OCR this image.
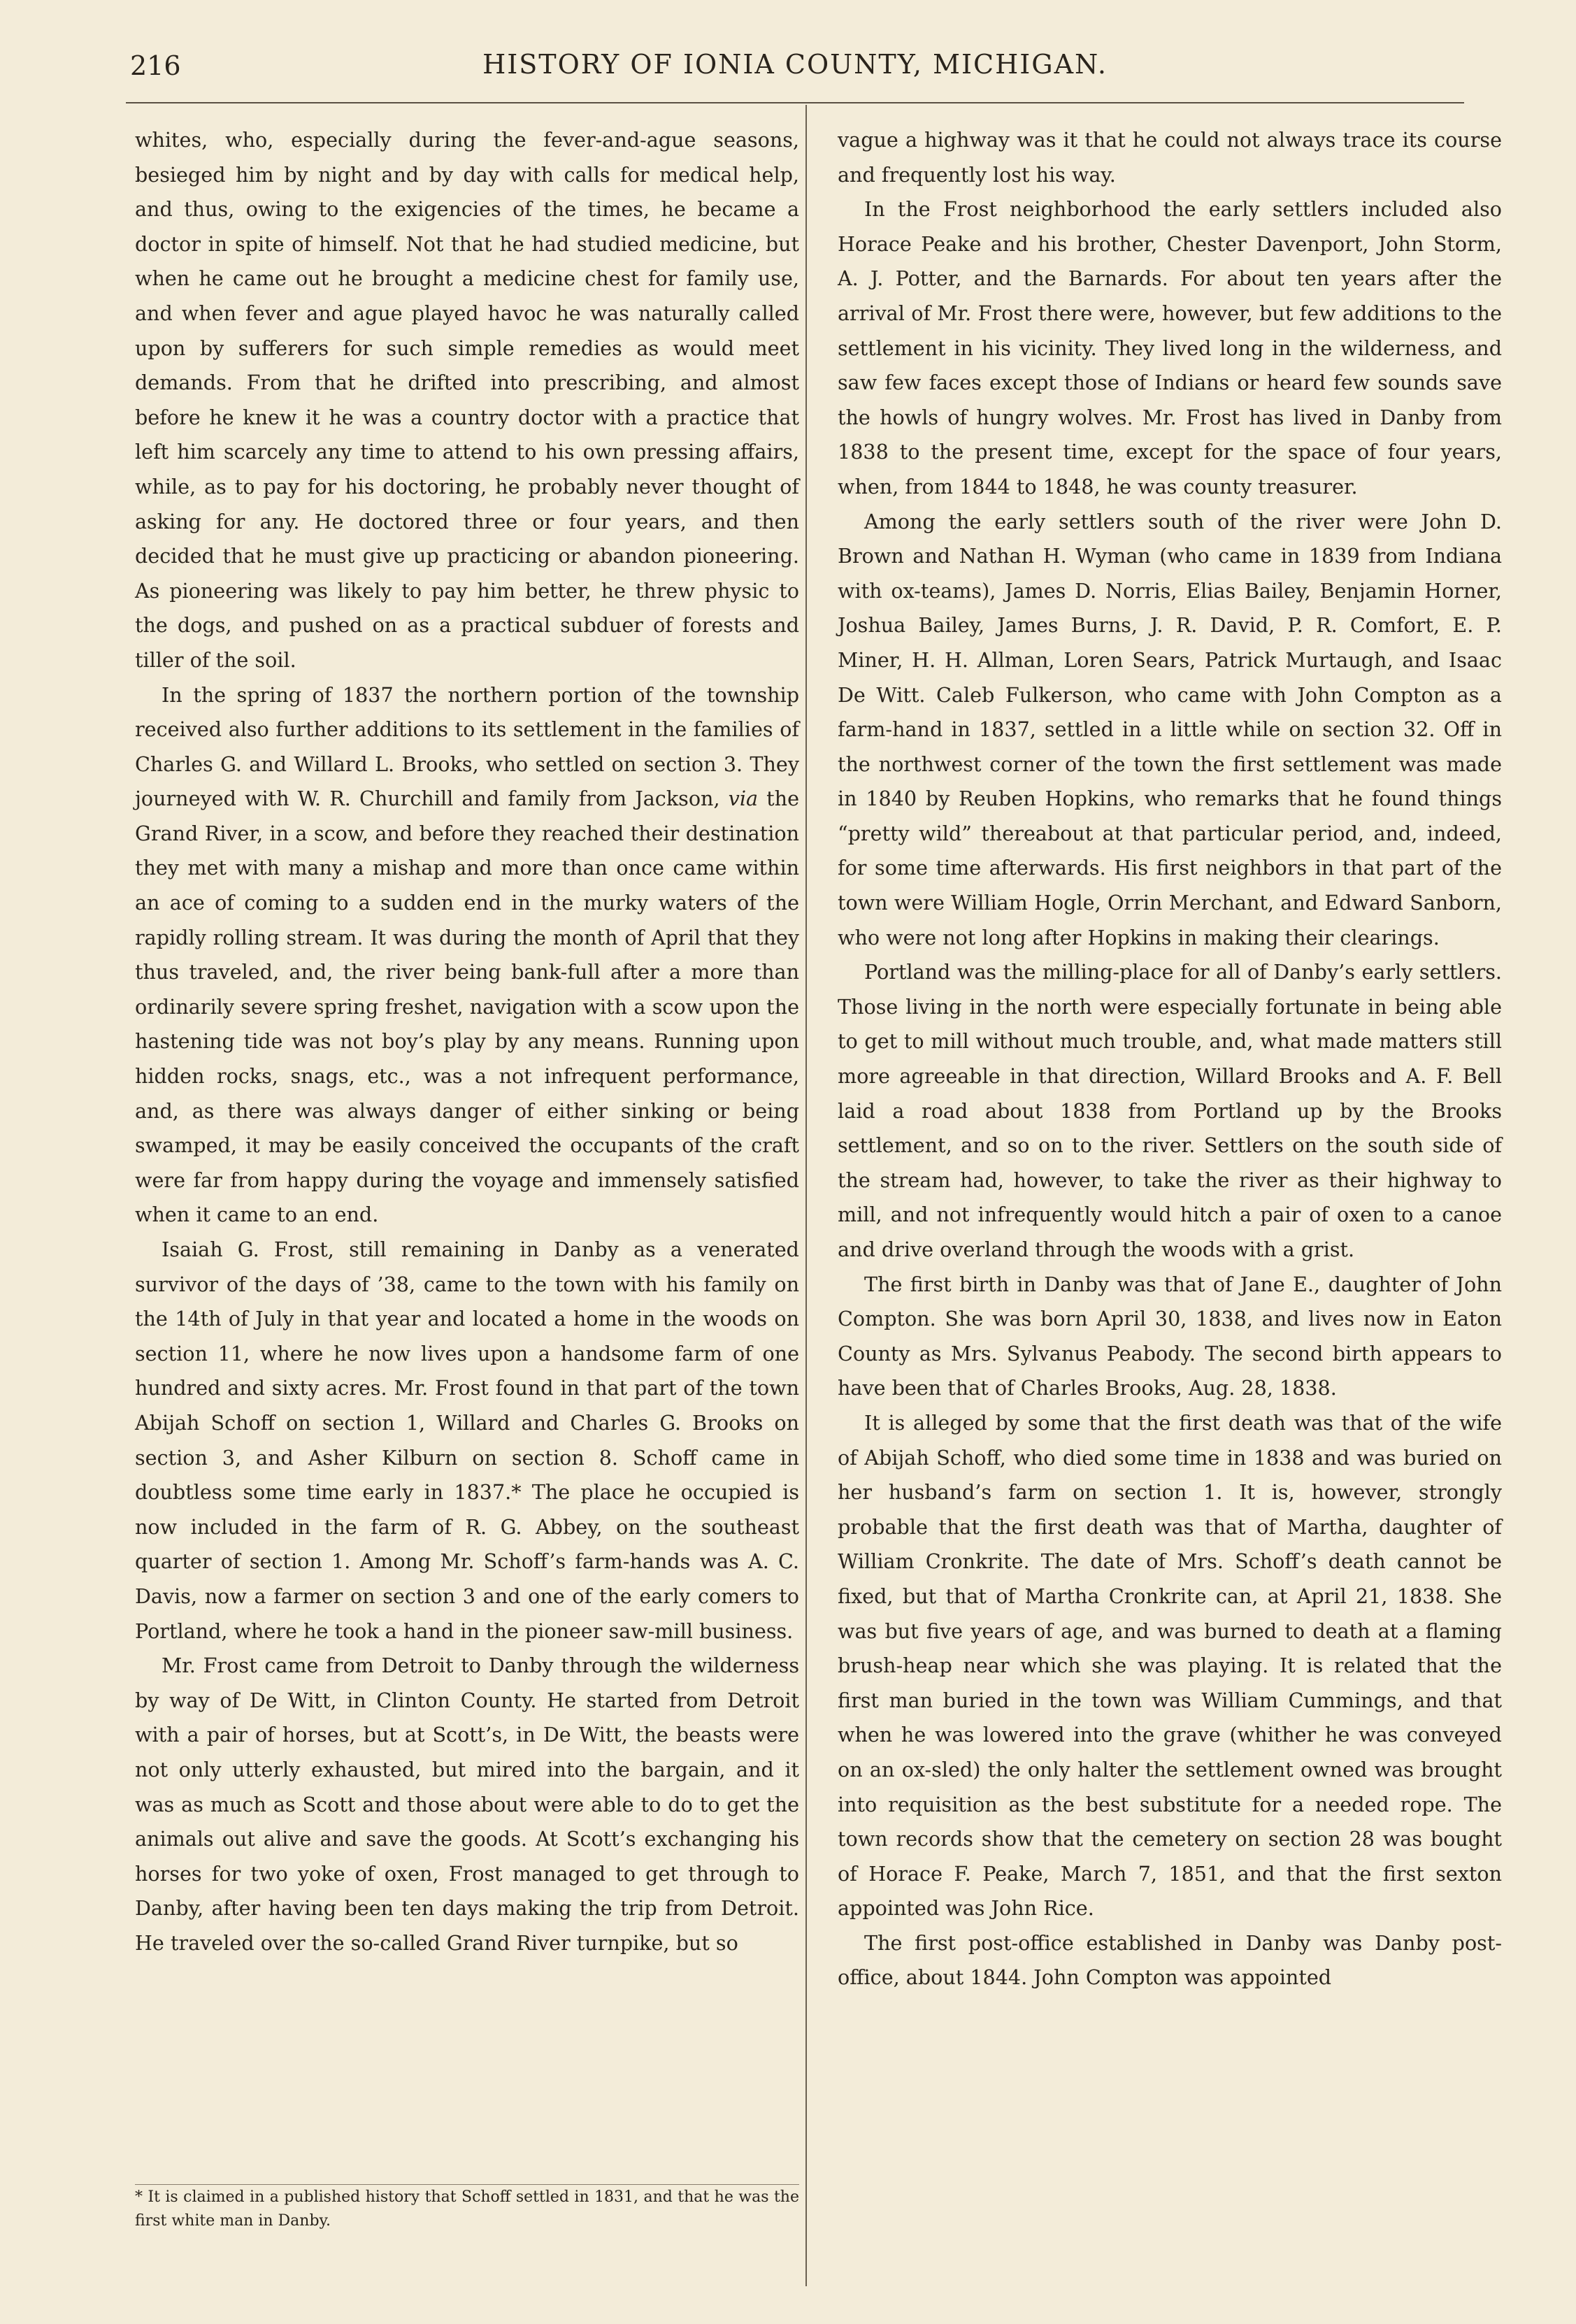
216	HISTORY OF IONIA COUNTY, MICHIGAN.

whites, who, especially during the fever-and-ague seasons, besieged him by night and by day with calls for medical help, and thus, owing to the exigencies of the times, he became a doctor in spite of himself. Not that he had studied medicine, but when he came out he brought a medicine chest for family use, and when fever and ague played havoc he was naturally called upon by sufferers for such simple remedies as would meet demands. From that he drifted into prescribing, and almost before he knew it he was a country doctor with a practice that left him scarcely any time to attend to his own pressing affairs, while, as to pay for his doctoring, he probably never thought of asking for any. He doctored three or four years, and then decided that he must give up practicing or abandon pioneering. As pioneering was likely to pay him better, he threw physic to the dogs, and pushed on as a practical subduer of forests and tiller of the soil.

In the spring of 1837 the northern portion of the township received also further additions to its settlement in the families of Charles G. and Willard L. Brooks, who settled on section 3. They journeyed with W. R. Churchill and family from Jackson, via the Grand River, in a scow, and before they reached their destination they met with many a mishap and more than once came within an ace of coming to a sudden end in the murky waters of the rapidly rolling stream. It was during the month of April that they thus traveled, and, the river being bank-full after a more than ordinarily severe spring freshet, navigation with a scow upon the hastening tide was not boy’s play by any means. Running upon hidden rocks, snags, etc., was a not infrequent performance, and, as there was always danger of either sinking or being swamped, it may be easily conceived the occupants of the craft were far from happy during the voyage and immensely satisfied when it came to an end.

Isaiah G. Frost, still remaining in Danby as a venerated survivor of the days of ’38, came to the town with his family on the 14th of July in that year and located a home in the woods on section 11, where he now lives upon a handsome farm of one hundred and sixty acres. Mr. Frost found in that part of the town Abijah Schoff on section 1, Willard and Charles G. Brooks on section 3, and Asher Kilburn on section 8. Schoff came in doubtless some time early in 1837.* The place he occupied is now included in the farm of R. G. Abbey, on the southeast quarter of section 1. Among Mr. Schoff’s farm-hands was A. C. Davis, now a farmer on section 3 and one of the early comers to Portland, where he took a hand in the pioneer saw-mill business.

Mr. Frost came from Detroit to Danby through the wilderness by way of De Witt, in Clinton County. He started from Detroit with a pair of horses, but at Scott’s, in De Witt, the beasts were not only utterly exhausted, but mired into the bargain, and it was as much as Scott and those about were able to do to get the animals out alive and save the goods. At Scott’s exchanging his horses for two yoke of oxen, Frost managed to get through to Danby, after having been ten days making the trip from Detroit. He traveled over the so-called Grand River turnpike, but so

* It is claimed in a published history that Schoff settled in 1831, and that he was the first white man in Danby.

vague a highway was it that he could not always trace its course and frequently lost his way.

In the Frost neighborhood the early settlers included also Horace Peake and his brother, Chester Davenport, John Storm, A. J. Potter, and the Barnards. For about ten years after the arrival of Mr. Frost there were, however, but few additions to the settlement in his vicinity. They lived long in the wilderness, and saw few faces except those of Indians or heard few sounds save the howls of hungry wolves. Mr. Frost has lived in Danby from 1838 to the present time, except for the space of four years, when, from 1844 to 1848, he was county treasurer.

Among the early settlers south of the river were John D. Brown and Nathan H. Wyman (who came in 1839 from Indiana with ox-teams), James D. Norris, Elias Bailey, Benjamin Horner, Joshua Bailey, James Burns, J. R. David, P. R. Comfort, E. P. Miner, H. H. Allman, Loren Sears, Patrick Murtaugh, and Isaac De Witt. Caleb Fulkerson, who came with John Compton as a farm-hand in 1837, settled in a little while on section 32. Off in the northwest corner of the town the first settlement was made in 1840 by Reuben Hopkins, who remarks that he found things “pretty wild” thereabout at that particular period, and, indeed, for some time afterwards. His first neighbors in that part of the town were William Hogle, Orrin Merchant, and Edward Sanborn, who were not long after Hopkins in making their clearings.

Portland was the milling-place for all of Danby’s early settlers. Those living in the north were especially fortunate in being able to get to mill without much trouble, and, what made matters still more agreeable in that direction, Willard Brooks and A. F. Bell laid a road about 1838 from Portland up by the Brooks settlement, and so on to the river. Settlers on the south side of the stream had, however, to take the river as their highway to mill, and not infrequently would hitch a pair of oxen to a canoe and drive overland through the woods with a grist.

The first birth in Danby was that of Jane E., daughter of John Compton. She was born April 30, 1838, and lives now in Eaton County as Mrs. Sylvanus Peabody. The second birth appears to have been that of Charles Brooks, Aug. 28, 1838.

It is alleged by some that the first death was that of the wife of Abijah Schoff, who died some time in 1838 and was buried on her husband’s farm on section 1. It is, however, strongly probable that the first death was that of Martha, daughter of William Cronkrite. The date of Mrs. Schoff’s death cannot be fixed, but that of Martha Cronkrite can, at April 21, 1838. She was but five years of age, and was burned to death at a flaming brush-heap near which she was playing. It is related that the first man buried in the town was William Cummings, and that when he was lowered into the grave (whither he was conveyed on an ox-sled) the only halter the settlement owned was brought into requisition as the best substitute for a needed rope. The town records show that the cemetery on section 28 was bought of Horace F. Peake, March 7, 1851, and that the first sexton appointed was John Rice.

The first post-office established in Danby was Danby post-office, about 1844. John Compton was appointed
